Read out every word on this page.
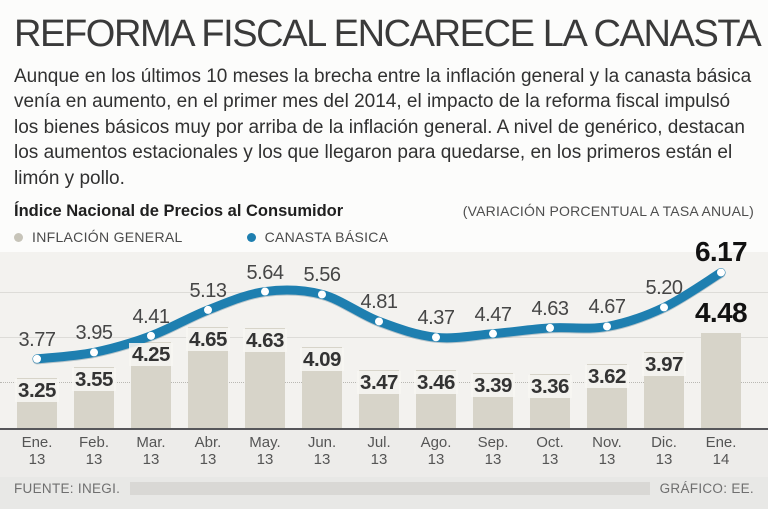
REFORMA FISCAL ENCARECE LA CANASTA

Aunque en los últimos 10 meses la brecha entre la inflación general y la canasta básica venía en aumento, en el primer mes del 2014, el impacto de la reforma fiscal impulsó los bienes básicos muy por arriba de la inflación general. A nivel de genérico, destacan los aumentos estacionales y los que llegaron para quedarse, en los primeros están el limón y pollo.

Índice Nacional de Precios al Consumidor	(VARIACIÓN PORCENTUAL A TASA ANUAL)
INFLACIÓN GENERAL	CANASTA BÁSICA
3.25 3.55
4.25
4.65 4.63
4.09
3.47 3.46 3.39 3.36 3.62
3.97
4.48
3.77	3.95
4.41
5.13
5.64	5.56
4.81
4.37	4.47	4.63	4.67
5.20
6.17
Ene.
13
Feb.
13
Mar.
13
Abr.
13
May.
13
Jun.
13
Jul.
13
Ago.
13
Sep.
13
Oct.
13
Nov.
13
Dic.
13
Ene.
14
FUENTE: INEGI.	GRÁFICO: EE.
